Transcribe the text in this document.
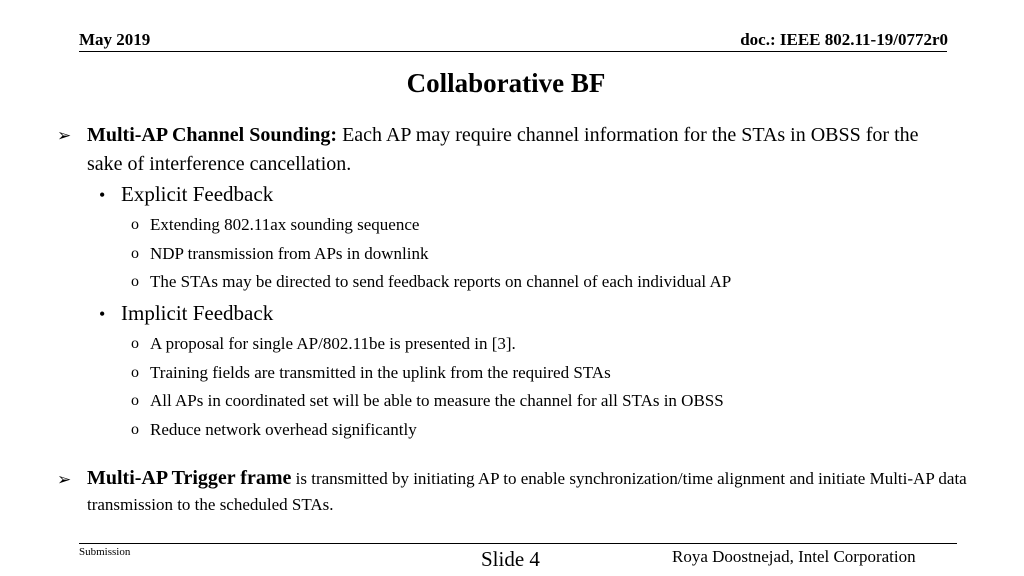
May 2019	doc.: IEEE 802.11-19/0772r0
Collaborative BF
➢ Multi-AP Channel Sounding: Each AP may require channel information for the STAs in OBSS for the sake of interference cancellation.
• Explicit Feedback
o Extending 802.11ax sounding sequence
o NDP transmission from APs in downlink
o The STAs may be directed to send feedback reports on channel of each individual AP
• Implicit Feedback
o A proposal for single AP/802.11be is presented in [3].
o Training fields are transmitted in the uplink from the required STAs
o All APs in coordinated set will be able to measure the channel for all STAs in OBSS
o Reduce network overhead significantly
➢ Multi-AP Trigger frame is transmitted by initiating AP to enable synchronization/time alignment and initiate Multi-AP data transmission to the scheduled STAs.
Submission	Slide 4	Roya Doostnejad, Intel Corporation
